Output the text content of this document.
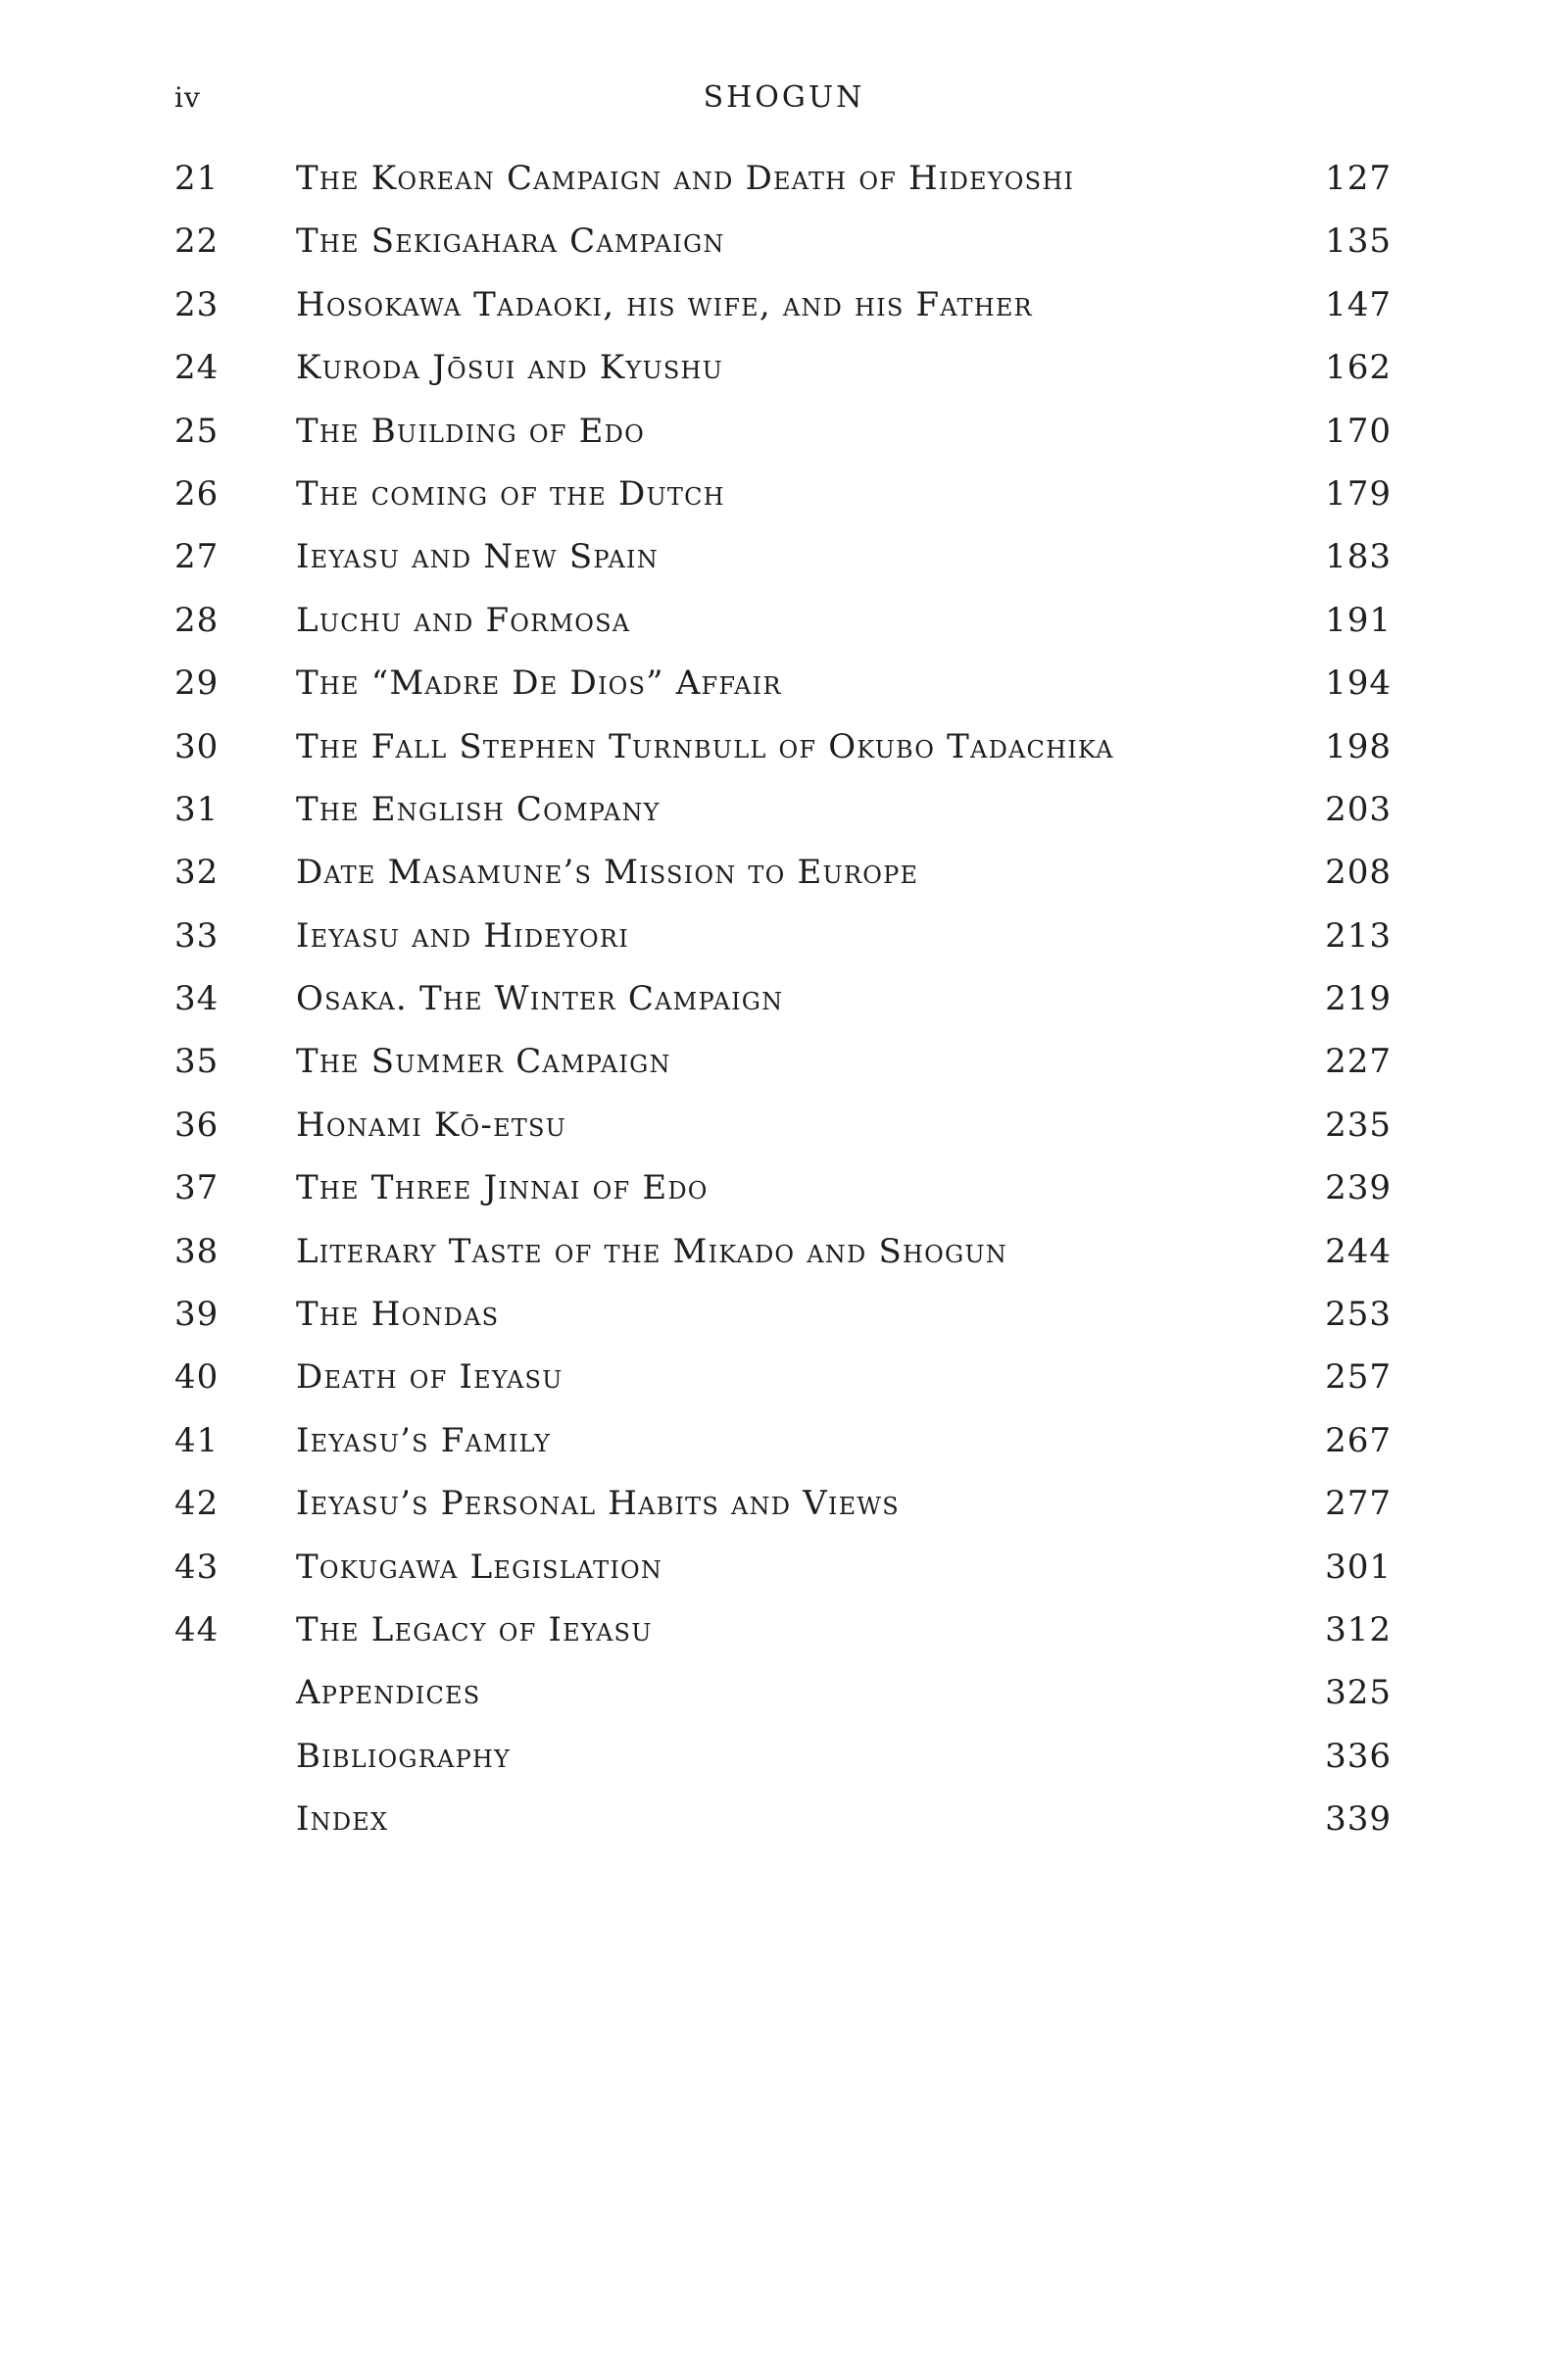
iv	SHOGUN
21	The Korean Campaign and Death of Hideyoshi	127
22	The Sekigahara Campaign	135
23	Hosokawa Tadaoki, his wife, and his Father	147
24	Kuroda Jōsui and Kyushu	162
25	The Building of Edo	170
26	The coming of the Dutch	179
27	Ieyasu and New Spain	183
28	Luchu and Formosa	191
29	The “Madre De Dios” Affair	194
30	The Fall Stephen Turnbull of Okubo Tadachika	198
31	The English Company	203
32	Date Masamune’s Mission to Europe	208
33	Ieyasu and Hideyori	213
34	Osaka. The Winter Campaign	219
35	The Summer Campaign	227
36	Honami Kō-etsu	235
37	The Three Jinnai of Edo	239
38	Literary Taste of the Mikado and Shogun	244
39	The Hondas	253
40	Death of Ieyasu	257
41	Ieyasu’s Family	267
42	Ieyasu’s Personal Habits and Views	277
43	Tokugawa Legislation	301
44	The Legacy of Ieyasu	312
Appendices	325
Bibliography	336
Index	339
